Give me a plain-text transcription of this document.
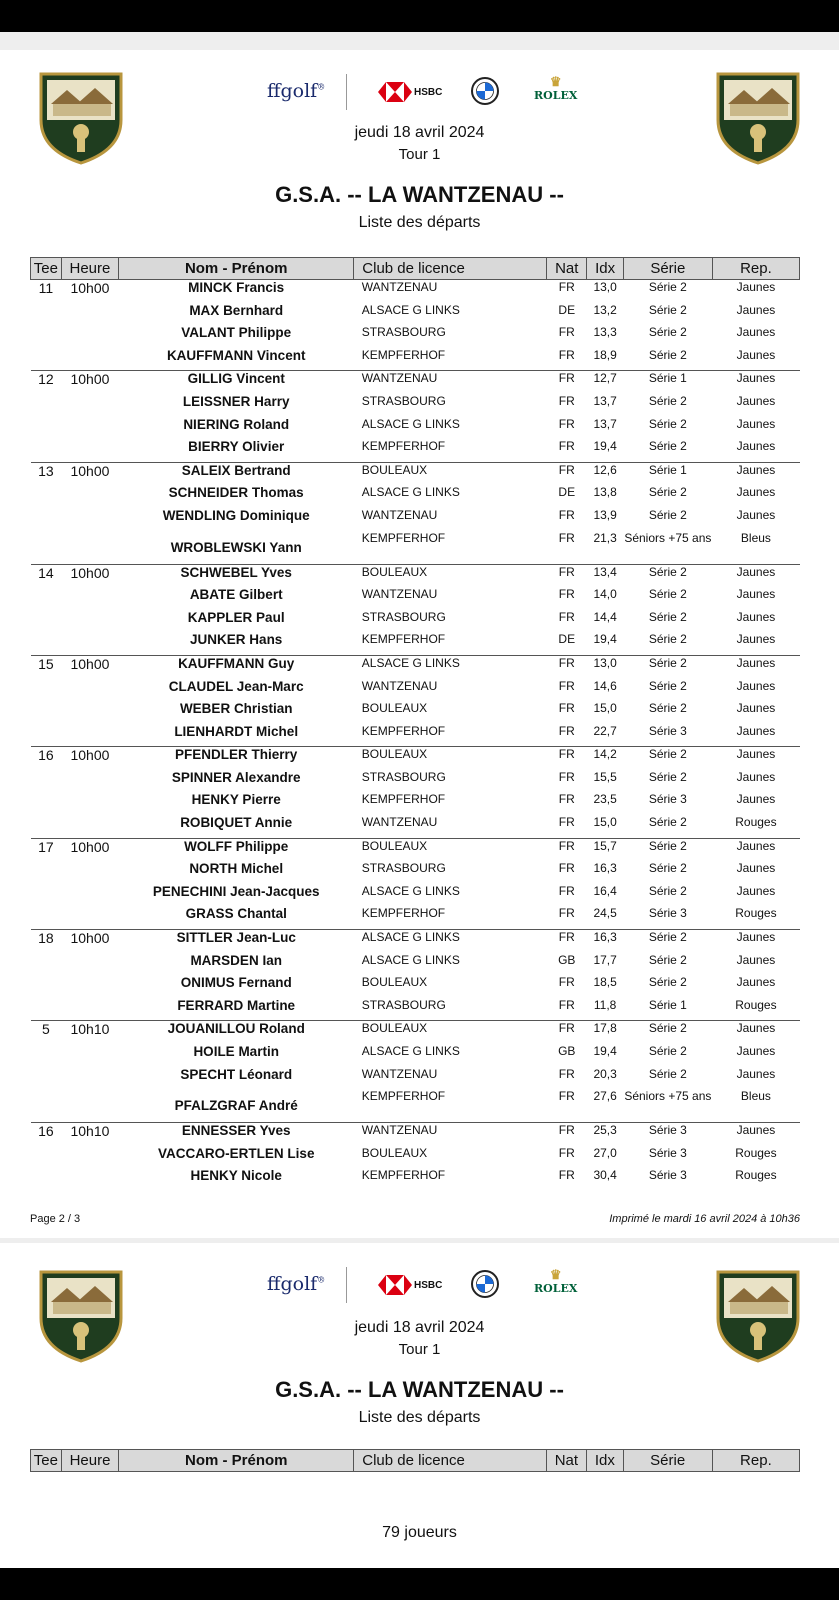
ffgolf®	HSBC
♛
ROLEX
jeudi 18 avril 2024
Tour 1
G.S.A. -- LA WANTZENAU --
Liste des départs
Tee	Heure	Nom - Prénom	Club de licence	Nat	Idx	Série	Rep.
11	10h00	MINCK Francis	WANTZENAU	FR	13,0	Série 2	Jaunes
		MAX Bernhard	ALSACE G LINKS	DE	13,2	Série 2	Jaunes
		VALANT Philippe	STRASBOURG	FR	13,3	Série 2	Jaunes
		KAUFFMANN Vincent	KEMPFERHOF	FR	18,9	Série 2	Jaunes
12	10h00	GILLIG Vincent	WANTZENAU	FR	12,7	Série 1	Jaunes
		LEISSNER Harry	STRASBOURG	FR	13,7	Série 2	Jaunes
		NIERING Roland	ALSACE G LINKS	FR	13,7	Série 2	Jaunes
		BIERRY Olivier	KEMPFERHOF	FR	19,4	Série 2	Jaunes
13	10h00	SALEIX Bertrand	BOULEAUX	FR	12,6	Série 1	Jaunes
		SCHNEIDER Thomas	ALSACE G LINKS	DE	13,8	Série 2	Jaunes
		WENDLING Dominique	WANTZENAU	FR	13,9	Série 2	Jaunes
		WROBLEWSKI Yann	KEMPFERHOF	FR	21,3	Séniors +75 ans	Bleus
14	10h00	SCHWEBEL Yves	BOULEAUX	FR	13,4	Série 2	Jaunes
		ABATE Gilbert	WANTZENAU	FR	14,0	Série 2	Jaunes
		KAPPLER Paul	STRASBOURG	FR	14,4	Série 2	Jaunes
		JUNKER Hans	KEMPFERHOF	DE	19,4	Série 2	Jaunes
15	10h00	KAUFFMANN Guy	ALSACE G LINKS	FR	13,0	Série 2	Jaunes
		CLAUDEL Jean-Marc	WANTZENAU	FR	14,6	Série 2	Jaunes
		WEBER Christian	BOULEAUX	FR	15,0	Série 2	Jaunes
		LIENHARDT Michel	KEMPFERHOF	FR	22,7	Série 3	Jaunes
16	10h00	PFENDLER Thierry	BOULEAUX	FR	14,2	Série 2	Jaunes
		SPINNER Alexandre	STRASBOURG	FR	15,5	Série 2	Jaunes
		HENKY Pierre	KEMPFERHOF	FR	23,5	Série 3	Jaunes
		ROBIQUET Annie	WANTZENAU	FR	15,0	Série 2	Rouges
17	10h00	WOLFF Philippe	BOULEAUX	FR	15,7	Série 2	Jaunes
		NORTH Michel	STRASBOURG	FR	16,3	Série 2	Jaunes
		PENECHINI Jean-Jacques	ALSACE G LINKS	FR	16,4	Série 2	Jaunes
		GRASS Chantal	KEMPFERHOF	FR	24,5	Série 3	Rouges
18	10h00	SITTLER Jean-Luc	ALSACE G LINKS	FR	16,3	Série 2	Jaunes
		MARSDEN Ian	ALSACE G LINKS	GB	17,7	Série 2	Jaunes
		ONIMUS Fernand	BOULEAUX	FR	18,5	Série 2	Jaunes
		FERRARD Martine	STRASBOURG	FR	11,8	Série 1	Rouges
5	10h10	JOUANILLOU Roland	BOULEAUX	FR	17,8	Série 2	Jaunes
		HOILE Martin	ALSACE G LINKS	GB	19,4	Série 2	Jaunes
		SPECHT Léonard	WANTZENAU	FR	20,3	Série 2	Jaunes
		PFALZGRAF André	KEMPFERHOF	FR	27,6	Séniors +75 ans	Bleus
16	10h10	ENNESSER Yves	WANTZENAU	FR	25,3	Série 3	Jaunes
		VACCARO-ERTLEN Lise	BOULEAUX	FR	27,0	Série 3	Rouges
		HENKY Nicole	KEMPFERHOF	FR	30,4	Série 3	Rouges
Page 2 / 3	Imprimé le mardi 16 avril 2024 à 10h36
ffgolf®	HSBC
♛
ROLEX
jeudi 18 avril 2024
Tour 1
G.S.A. -- LA WANTZENAU --
Liste des départs
Tee	Heure	Nom - Prénom	Club de licence	Nat	Idx	Série	Rep.
79 joueurs
